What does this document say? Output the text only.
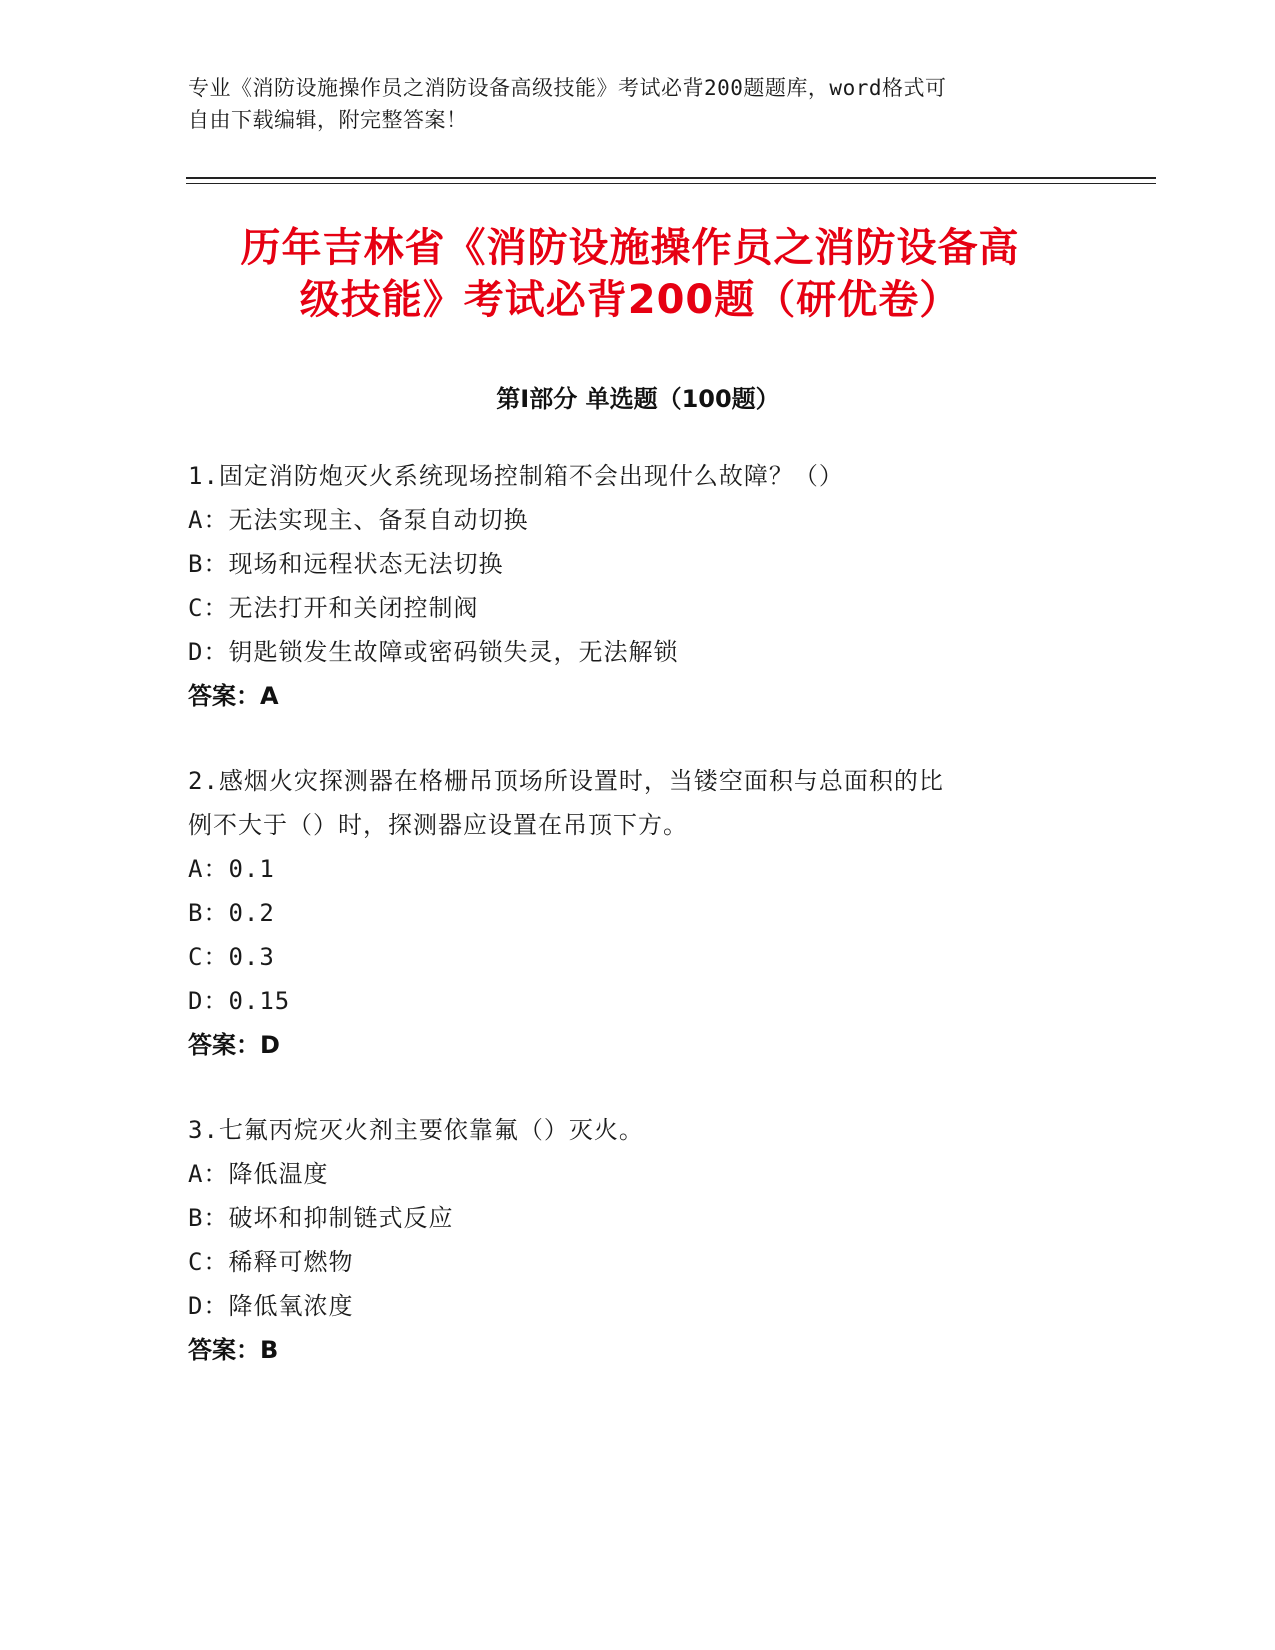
专业《消防设施操作员之消防设备高级技能》考试必背200题题库，word格式可
自由下载编辑，附完整答案！
历年吉林省《消防设施操作员之消防设备高
级技能》考试必背200题（研优卷）
第I部分 单选题（100题）
1.固定消防炮灭火系统现场控制箱不会出现什么故障？（）
A：无法实现主、备泵自动切换
B：现场和远程状态无法切换
C：无法打开和关闭控制阀
D：钥匙锁发生故障或密码锁失灵，无法解锁
答案：A
2.感烟火灾探测器在格栅吊顶场所设置时，当镂空面积与总面积的比
例不大于（）时，探测器应设置在吊顶下方。
A：0.1
B：0.2
C：0.3
D：0.15
答案：D
3.七氟丙烷灭火剂主要依靠氟（）灭火。
A：降低温度
B：破坏和抑制链式反应
C：稀释可燃物
D：降低氧浓度
答案：B
